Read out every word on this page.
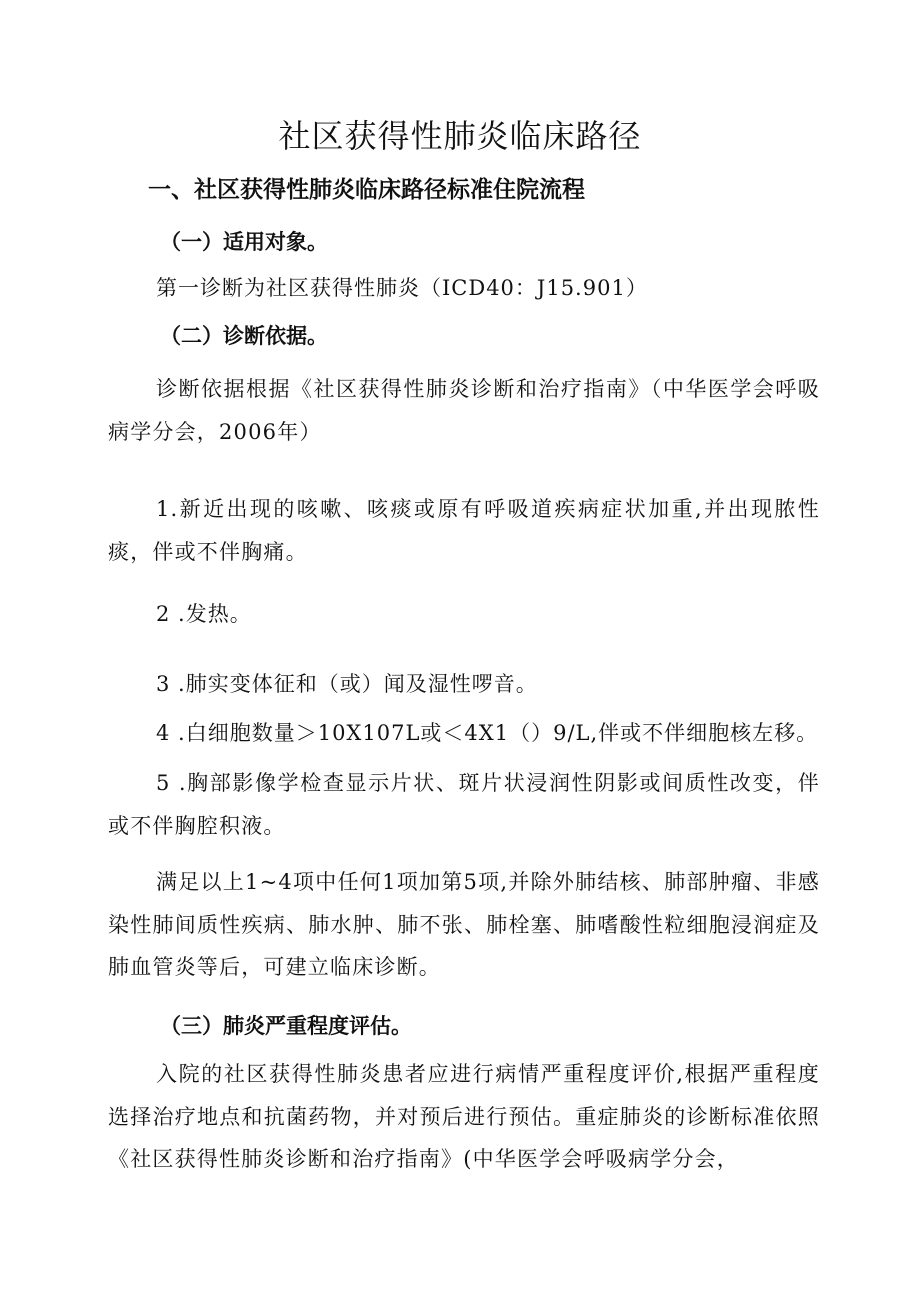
社区获得性肺炎临床路径
一、社区获得性肺炎临床路径标准住院流程
（一）适用对象。

第一诊断为社区获得性肺炎（ICD40：J15.901）

（二）诊断依据。

诊断依据根据《社区获得性肺炎诊断和治疗指南》（中华医学会呼吸病学分会，2006年）

1.新近出现的咳嗽、咳痰或原有呼吸道疾病症状加重,并出现脓性痰，伴或不伴胸痛。

2 .发热。

3 .肺实变体征和（或）闻及湿性啰音。

4 .白细胞数量＞10X107L或＜4X1（）9/L,伴或不伴细胞核左移。

5 .胸部影像学检查显示片状、斑片状浸润性阴影或间质性改变，伴或不伴胸腔积液。

满足以上1~4项中任何1项加第5项,并除外肺结核、肺部肿瘤、非感染性肺间质性疾病、肺水肿、肺不张、肺栓塞、肺嗜酸性粒细胞浸润症及肺血管炎等后，可建立临床诊断。

（三）肺炎严重程度评估。

入院的社区获得性肺炎患者应进行病情严重程度评价,根据严重程度选择治疗地点和抗菌药物，并对预后进行预估。重症肺炎的诊断标准依照《社区获得性肺炎诊断和治疗指南》(中华医学会呼吸病学分会，
